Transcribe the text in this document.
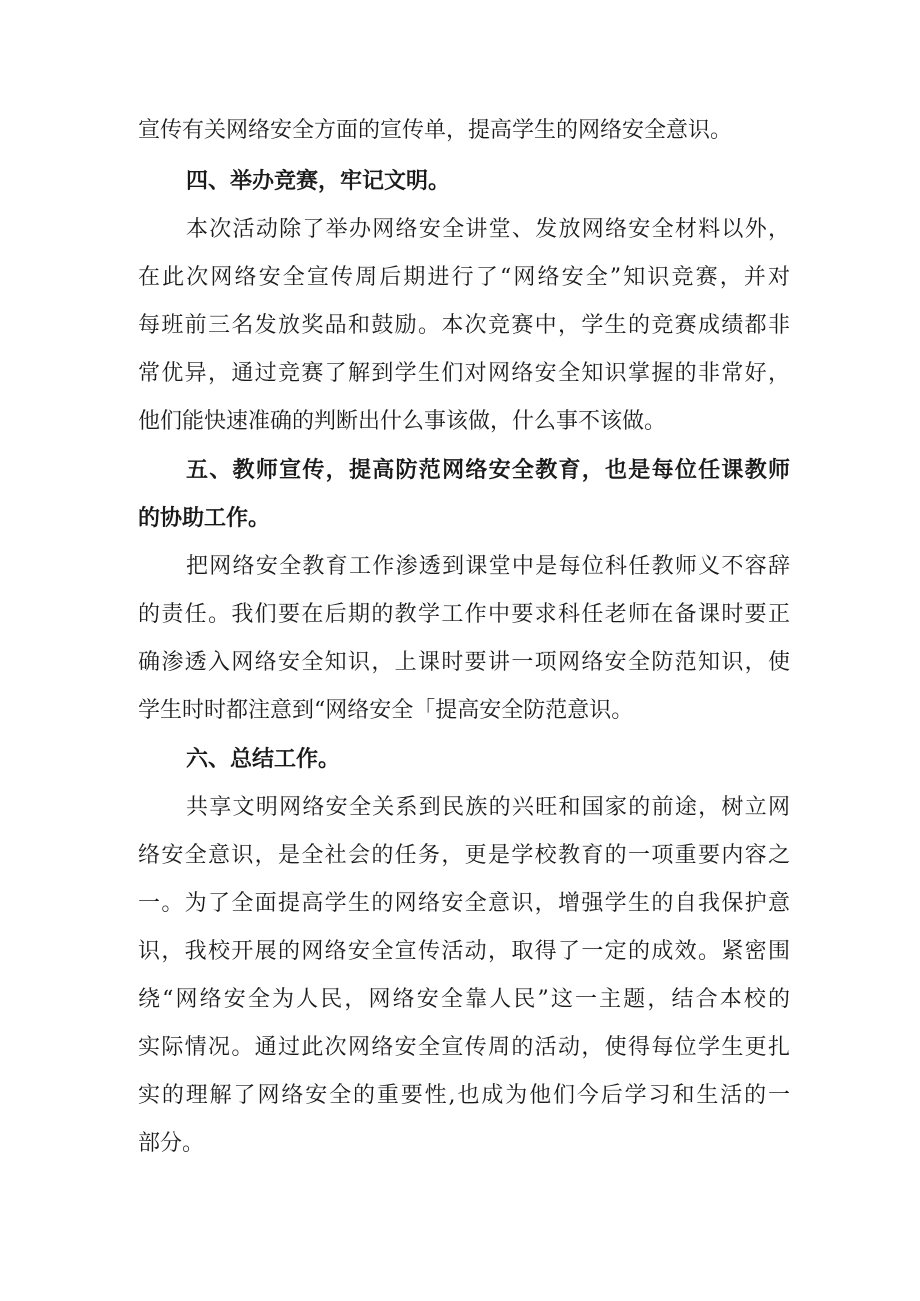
宣传有关网络安全方面的宣传单，提高学生的网络安全意识。
四、举办竞赛，牢记文明。
本次活动除了举办网络安全讲堂、发放网络安全材料以外，
在此次网络安全宣传周后期进行了“网络安全”知识竞赛，并对
每班前三名发放奖品和鼓励。本次竞赛中，学生的竞赛成绩都非
常优异，通过竞赛了解到学生们对网络安全知识掌握的非常好，
他们能快速准确的判断出什么事该做，什么事不该做。
五、教师宣传，提高防范网络安全教育，也是每位任课教师
的协助工作。
把网络安全教育工作渗透到课堂中是每位科任教师义不容辞
的责任。我们要在后期的教学工作中要求科任老师在备课时要正
确渗透入网络安全知识，上课时要讲一项网络安全防范知识，使
学生时时都注意到“网络安全「提高安全防范意识。
六、总结工作。
共享文明网络安全关系到民族的兴旺和国家的前途，树立网
络安全意识，是全社会的任务，更是学校教育的一项重要内容之
一。为了全面提高学生的网络安全意识，增强学生的自我保护意
识，我校开展的网络安全宣传活动，取得了一定的成效。紧密围
绕“网络安全为人民，网络安全靠人民”这一主题，结合本校的
实际情况。通过此次网络安全宣传周的活动，使得每位学生更扎
实的理解了网络安全的重要性,也成为他们今后学习和生活的一
部分。
